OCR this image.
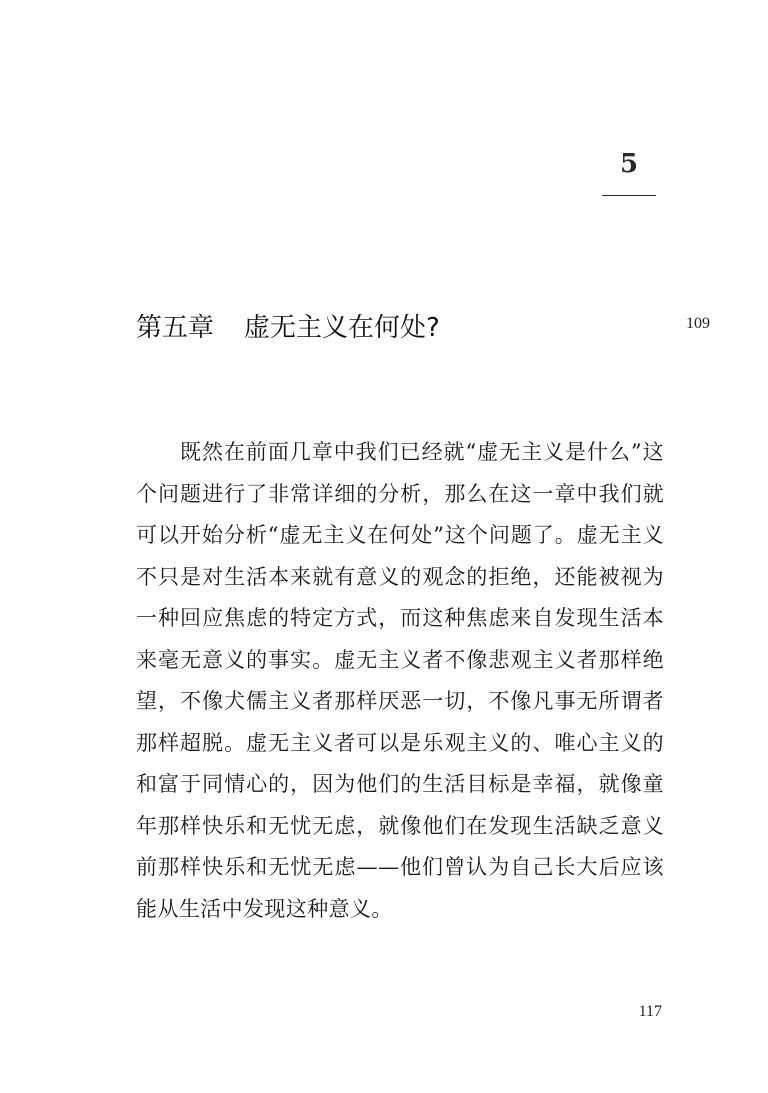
5
第五章 虚无主义在何处?	109

既然在前面几章中我们已经就“虚无主义是什么”这个问题进行了非常详细的分析，那么在这一章中我们就可以开始分析“虚无主义在何处”这个问题了。虚无主义不只是对生活本来就有意义的观念的拒绝，还能被视为一种回应焦虑的特定方式，而这种焦虑来自发现生活本来毫无意义的事实。虚无主义者不像悲观主义者那样绝望，不像犬儒主义者那样厌恶一切，不像凡事无所谓者那样超脱。虚无主义者可以是乐观主义的、唯心主义的和富于同情心的，因为他们的生活目标是幸福，就像童年那样快乐和无忧无虑，就像他们在发现生活缺乏意义前那样快乐和无忧无虑——他们曾认为自己长大后应该能从生活中发现这种意义。

117
